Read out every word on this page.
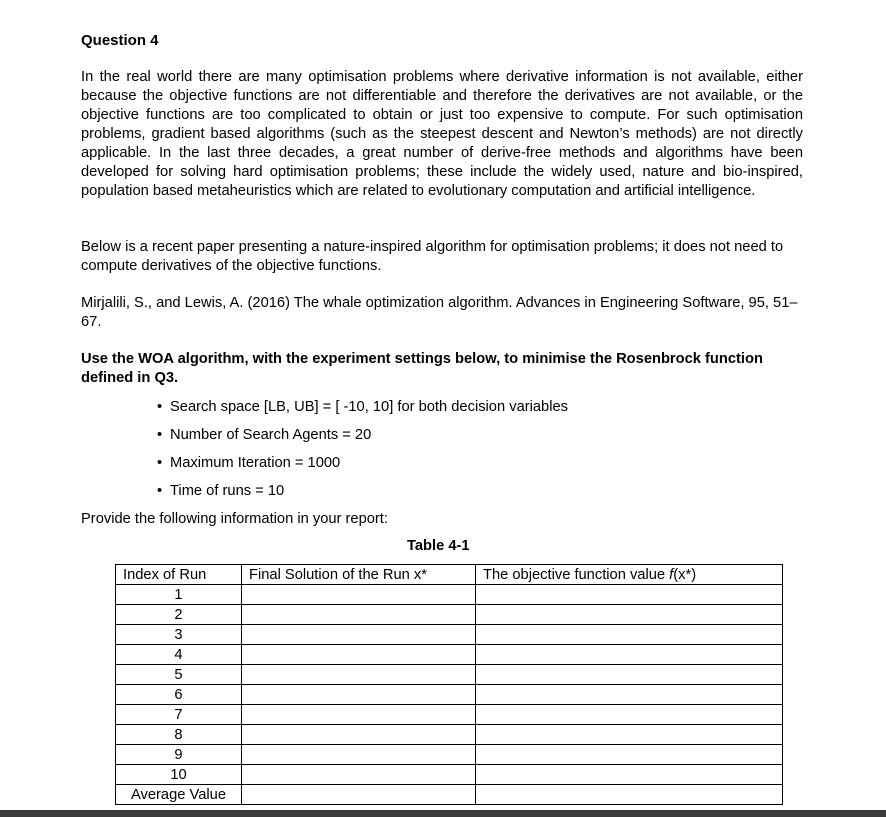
Question 4

In the real world there are many optimisation problems where derivative information is not available, either because the objective functions are not differentiable and therefore the derivatives are not available, or the objective functions are too complicated to obtain or just too expensive to compute. For such optimisation problems, gradient based algorithms (such as the steepest descent and Newton’s methods) are not directly applicable. In the last three decades, a great number of derive-free methods and algorithms have been developed for solving hard optimisation problems; these include the widely used, nature and bio-inspired, population based metaheuristics which are related to evolutionary computation and artificial intelligence.

Below is a recent paper presenting a nature-inspired algorithm for optimisation problems; it does not need to compute derivatives of the objective functions.

Mirjalili, S., and Lewis, A. (2016) The whale optimization algorithm. Advances in Engineering Software, 95, 51–67.

Use the WOA algorithm, with the experiment settings below, to minimise the Rosenbrock function defined in Q3.

• Search space [LB, UB] = [ -10, 10] for both decision variables
• Number of Search Agents = 20
• Maximum Iteration = 1000
• Time of runs = 10

Provide the following information in your report:

Table 4-1

Index of Run	Final Solution of the Run x*	The objective function value f(x*)
1		
2		
3		
4		
5		
6		
7		
8		
9		
10		
Average Value		
